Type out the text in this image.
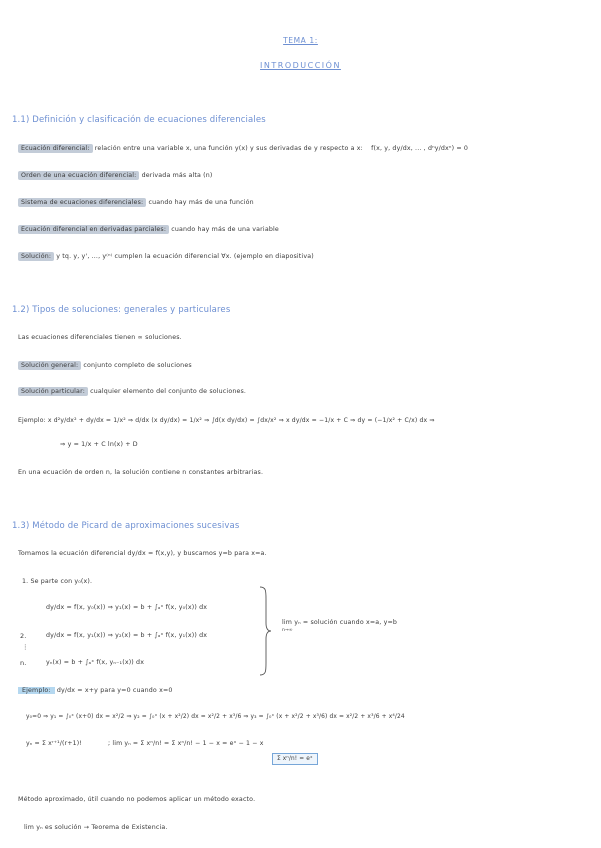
TEMA 1:
INTRODUCCIÓN
1.1) Definición y clasificación de ecuaciones diferenciales
Ecuación diferencial: relación entre una variable x, una función y(x) y sus derivadas de y respecto a x: f(x, y, dy/dx, ... , dⁿy/dxⁿ) = 0
Orden de una ecuación diferencial: derivada más alta (n)
Sistema de ecuaciones diferenciales: cuando hay más de una función
Ecuación diferencial en derivadas parciales: cuando hay más de una variable
Solución: y tq. y, y', ..., y⁽ⁿ⁾ cumplen la ecuación diferencial ∀x. (ejemplo en diapositiva)
1.2) Tipos de soluciones: generales y particulares
Las ecuaciones diferenciales tienen ∞ soluciones.
Solución general: conjunto completo de soluciones
Solución particular: cualquier elemento del conjunto de soluciones.
Ejemplo: x d²y/dx² + dy/dx = 1/x² ⇒ d/dx (x dy/dx) = 1/x² ⇒ ∫d(x dy/dx) = ∫dx/x² ⇒ x dy/dx = −1/x + C ⇒ dy = (−1/x² + C/x) dx ⇒
⇒ y = 1/x + C ln(x) + D
En una ecuación de orden n, la solución contiene n constantes arbitrarias.
1.3) Método de Picard de aproximaciones sucesivas
Tomamos la ecuación diferencial dy/dx = f(x,y), y buscamos y=b para x=a.
1. Se parte con y₀(x).
dy/dx = f(x, y₀(x)) ⇒ y₁(x) = b + ∫ₐˣ f(x, y₀(x)) dx
2.	dy/dx = f(x, y₁(x)) ⇒ y₂(x) = b + ∫ₐˣ f(x, y₁(x)) dx
⋮
n.	yₙ(x) = b + ∫ₐˣ f(x, yₙ₋₁(x)) dx
lim yₙ = solución cuando x=a, y=b
n→∞
Ejemplo: dy/dx = x+y para y=0 cuando x=0
y₀=0 ⇒ y₁ = ∫₀ˣ (x+0) dx = x²/2 ⇒ y₂ = ∫₀ˣ (x + x²/2) dx = x²/2 + x³/6 ⇒ y₃ = ∫₀ˣ (x + x²/2 + x³/6) dx = x²/2 + x³/6 + x⁴/24
yₙ = Σ xʳ⁺¹/(r+1)!	; lim yₙ = Σ xⁿ/n! = Σ xⁿ/n! − 1 − x = eˣ − 1 − x
Σ xⁿ/n! = eˣ
Método aproximado, útil cuando no podemos aplicar un método exacto.
lim yₙ es solución → Teorema de Existencia.
